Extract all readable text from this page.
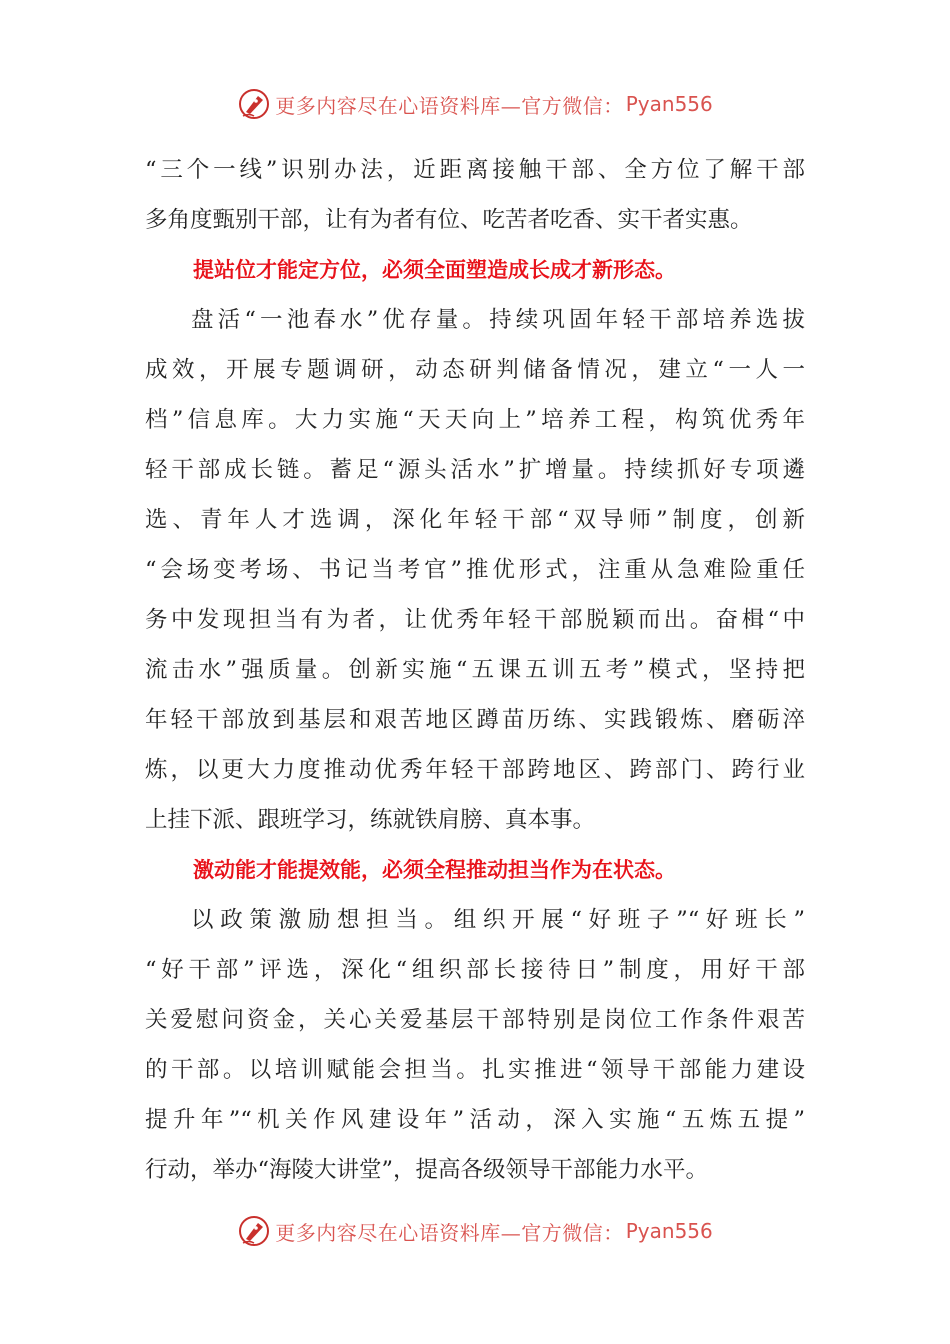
更多内容尽在心语资料库—官方微信： Pyan556
“三个一线”识别办法，近距离接触干部、全方位了解干部
多角度甄别干部，让有为者有位、吃苦者吃香、实干者实惠。
提站位才能定方位，必须全面塑造成长成才新形态。
盘活“一池春水”优存量。持续巩固年轻干部培养选拔
成效，开展专题调研，动态研判储备情况，建立“一人一
档”信息库。大力实施“天天向上”培养工程，构筑优秀年
轻干部成长链。蓄足“源头活水”扩增量。持续抓好专项遴
选、青年人才选调，深化年轻干部“双导师”制度，创新
“会场变考场、书记当考官”推优形式，注重从急难险重任
务中发现担当有为者，让优秀年轻干部脱颖而出。奋楫“中
流击水”强质量。创新实施“五课五训五考”模式，坚持把
年轻干部放到基层和艰苦地区蹲苗历练、实践锻炼、磨砺淬
炼，以更大力度推动优秀年轻干部跨地区、跨部门、跨行业
上挂下派、跟班学习，练就铁肩膀、真本事。
激动能才能提效能，必须全程推动担当作为在状态。
以政策激励想担当。组织开展“好班子”“好班长”
“好干部”评选，深化“组织部长接待日”制度，用好干部
关爱慰问资金，关心关爱基层干部特别是岗位工作条件艰苦
的干部。以培训赋能会担当。扎实推进“领导干部能力建设
提升年”“机关作风建设年”活动，深入实施“五炼五提”
行动，举办“海陵大讲堂”，提高各级领导干部能力水平。
更多内容尽在心语资料库—官方微信： Pyan556
